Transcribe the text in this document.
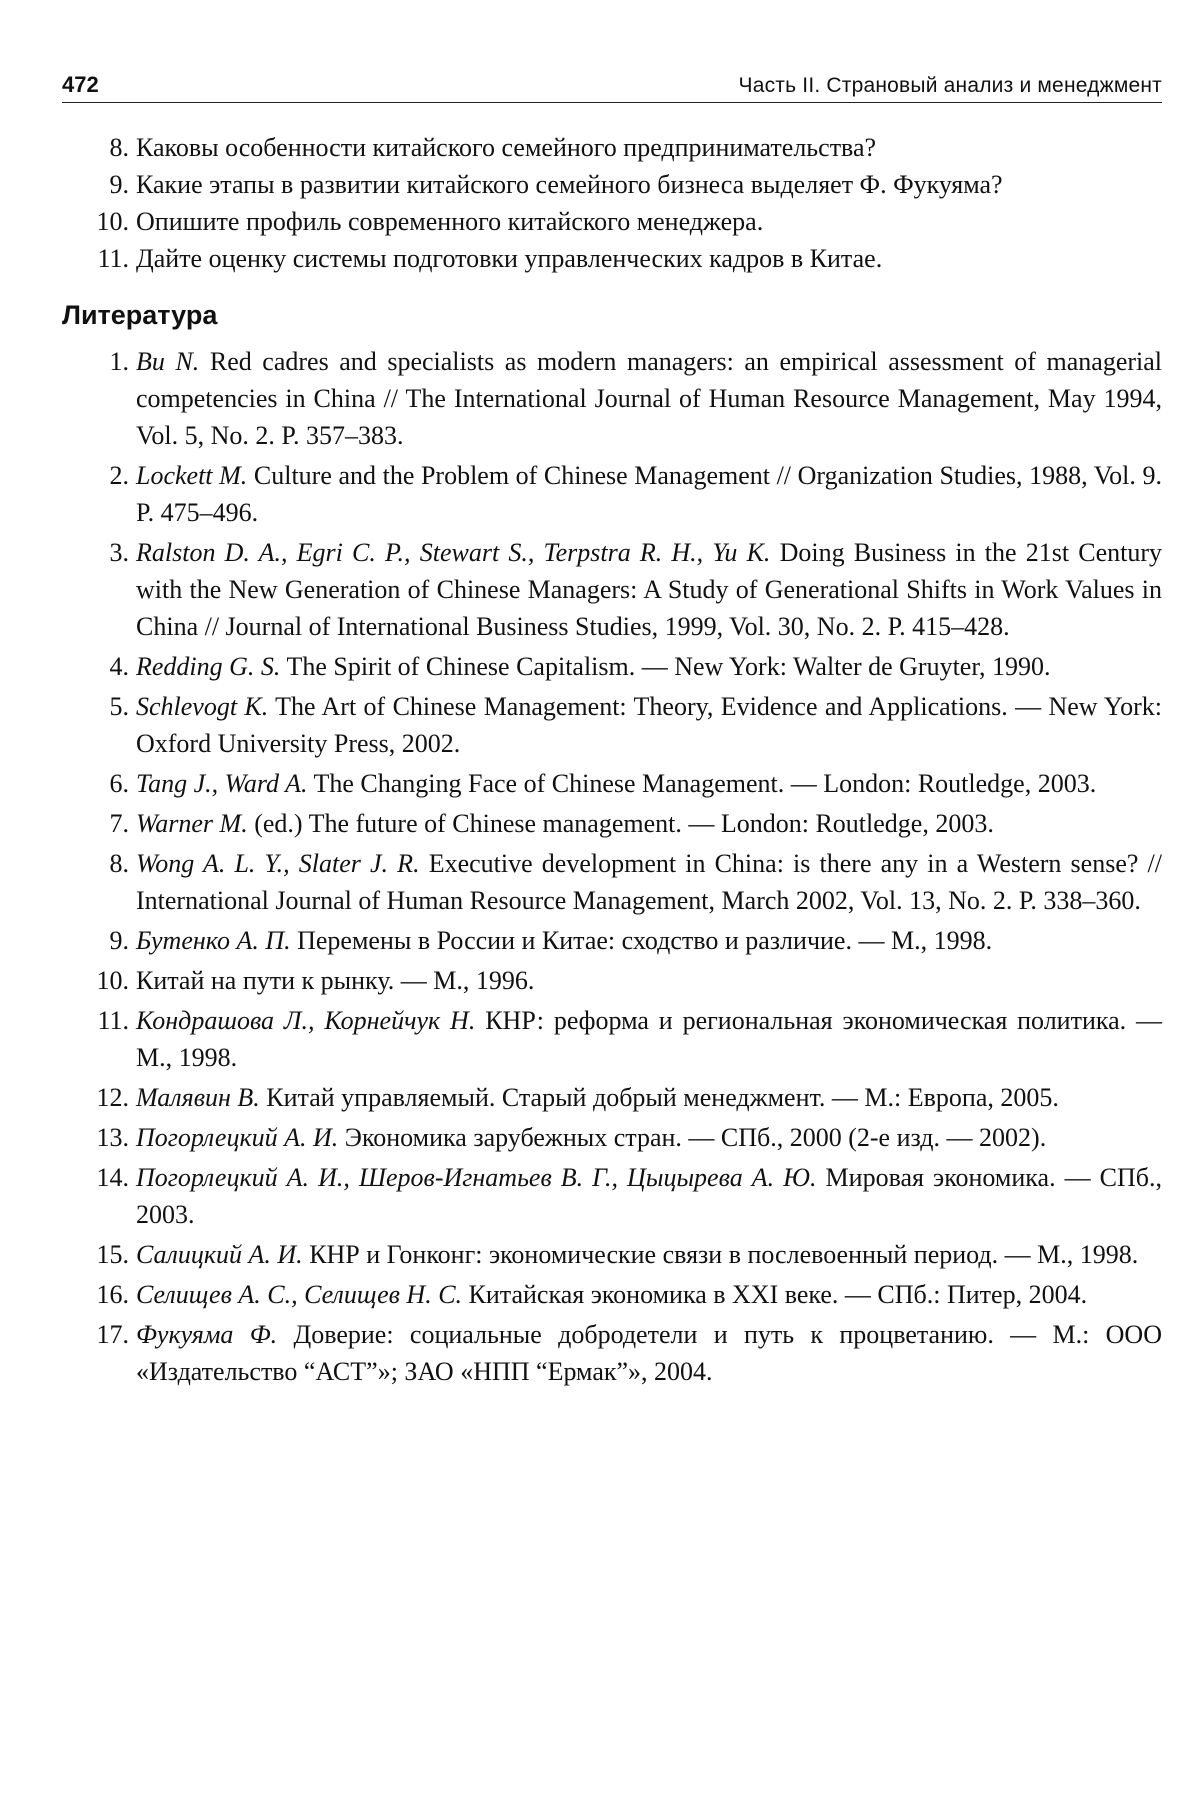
472	Часть II. Страновый анализ и менеджмент
8. Каковы особенности китайского семейного предпринимательства?
9. Какие этапы в развитии китайского семейного бизнеса выделяет Ф. Фукуяма?
10. Опишите профиль современного китайского менеджера.
11. Дайте оценку системы подготовки управленческих кадров в Китае.
Литература
1. Bu N. Red cadres and specialists as modern managers: an empirical assessment of managerial competencies in China // The International Journal of Human Resource Management, May 1994, Vol. 5, No. 2. P. 357–383.
2. Lockett M. Culture and the Problem of Chinese Management // Organization Studies, 1988, Vol. 9. P. 475–496.
3. Ralston D. A., Egri C. P., Stewart S., Terpstra R. H., Yu K. Doing Business in the 21st Century with the New Generation of Chinese Managers: A Study of Generational Shifts in Work Values in China // Journal of International Business Studies, 1999, Vol. 30, No. 2. P. 415–428.
4. Redding G. S. The Spirit of Chinese Capitalism. — New York: Walter de Gruyter, 1990.
5. Schlevogt K. The Art of Chinese Management: Theory, Evidence and Applications. — New York: Oxford University Press, 2002.
6. Tang J., Ward A. The Changing Face of Chinese Management. — London: Routledge, 2003.
7. Warner M. (ed.) The future of Chinese management. — London: Routledge, 2003.
8. Wong A. L. Y., Slater J. R. Executive development in China: is there any in a Western sense? // International Journal of Human Resource Management, March 2002, Vol. 13, No. 2. P. 338–360.
9. Бутенко А. П. Перемены в России и Китае: сходство и различие. — М., 1998.
10. Китай на пути к рынку. — М., 1996.
11. Кондрашова Л., Корнейчук Н. КНР: реформа и региональная экономическая политика. — М., 1998.
12. Малявин В. Китай управляемый. Старый добрый менеджмент. — М.: Европа, 2005.
13. Погорлецкий А. И. Экономика зарубежных стран. — СПб., 2000 (2-е изд. — 2002).
14. Погорлецкий А. И., Шеров-Игнатьев В. Г., Цыцырева А. Ю. Мировая экономика. — СПб., 2003.
15. Салицкий А. И. КНР и Гонконг: экономические связи в послевоенный период. — М., 1998.
16. Селищев А. С., Селищев Н. С. Китайская экономика в XXI веке. — СПб.: Питер, 2004.
17. Фукуяма Ф. Доверие: социальные добродетели и путь к процветанию. — М.: ООО «Издательство “АСТ”»; ЗАО «НПП “Ермак”», 2004.
